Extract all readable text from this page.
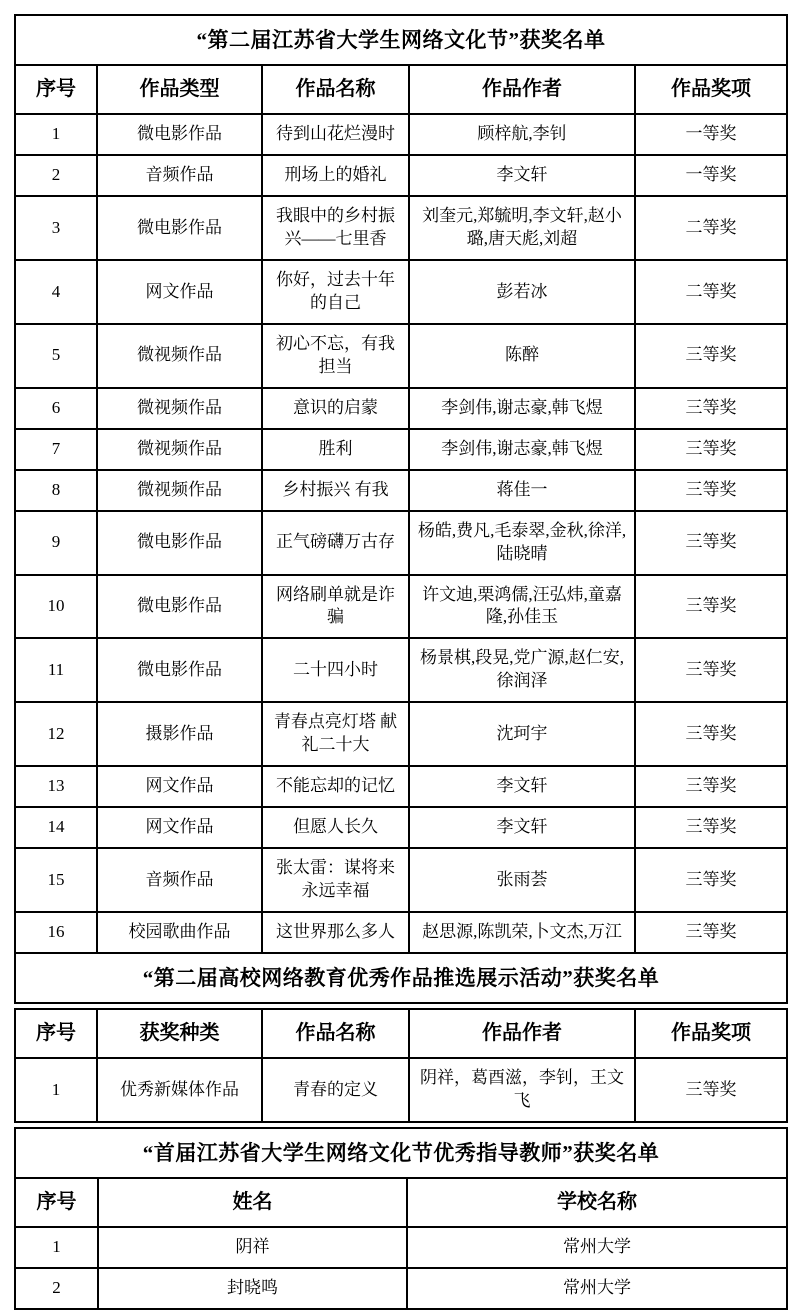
“第二届江苏省大学生网络文化节”获奖名单				
序号	作品类型	作品名称	作品作者	作品奖项
1	微电影作品	待到山花烂漫时	顾梓航,李钊	一等奖
2	音频作品	刑场上的婚礼	李文轩	一等奖
3	微电影作品	我眼中的乡村振兴——七里香	刘奎元,郑毓明,李文轩,赵小璐,唐天彪,刘超	二等奖
4	网文作品	你好，过去十年的自己	彭若冰	二等奖
5	微视频作品	初心不忘，有我担当	陈醉	三等奖
6	微视频作品	意识的启蒙	李剑伟,谢志豪,韩飞煜	三等奖
7	微视频作品	胜利	李剑伟,谢志豪,韩飞煜	三等奖
8	微视频作品	乡村振兴 有我	蒋佳一	三等奖
9	微电影作品	正气磅礴万古存	杨皓,费凡,毛泰翠,金秋,徐洋,陆晓晴	三等奖
10	微电影作品	网络刷单就是诈骗	许文迪,栗鸿儒,汪弘炜,童嘉隆,孙佳玉	三等奖
11	微电影作品	二十四小时	杨景棋,段晃,党广源,赵仁安,徐润泽	三等奖
12	摄影作品	青春点亮灯塔 献礼二十大	沈珂宇	三等奖
13	网文作品	不能忘却的记忆	李文轩	三等奖
14	网文作品	但愿人长久	李文轩	三等奖
15	音频作品	张太雷：谋将来永远幸福	张雨荟	三等奖
16	校园歌曲作品	这世界那么多人	赵思源,陈凯荣,卜文杰,万江	三等奖
“第二届高校网络教育优秀作品推选展示活动”获奖名单				
序号	获奖种类	作品名称	作品作者	作品奖项
1	优秀新媒体作品	青春的定义	阴祥，葛酉滋，李钊，王文飞	三等奖
“首届江苏省大学生网络文化节优秀指导教师”获奖名单		
序号	姓名	学校名称
1	阴祥	常州大学
2	封晓鸣	常州大学
